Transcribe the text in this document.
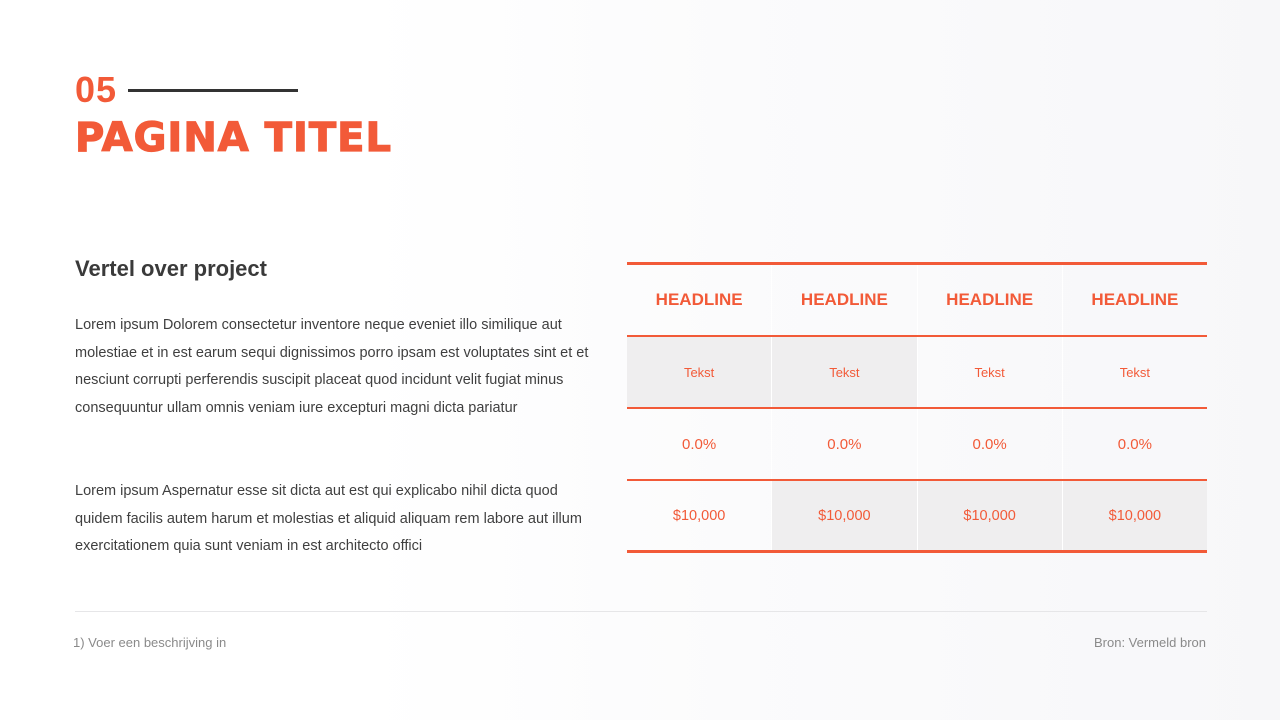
05
PAGINA TITEL
Vertel over project
Lorem ipsum Dolorem consectetur inventore neque eveniet illo similique aut molestiae et in est earum sequi dignissimos porro ipsam est voluptates sint et et nesciunt corrupti perferendis suscipit placeat quod incidunt velit fugiat minus consequuntur ullam omnis veniam iure excepturi magni dicta pariatur
Lorem ipsum Aspernatur esse sit dicta aut est qui explicabo nihil dicta quod quidem facilis autem harum et molestias et aliquid aliquam rem labore aut illum exercitationem quia sunt veniam in est architecto offici
HEADLINE	HEADLINE	HEADLINE	HEADLINE
Tekst	Tekst	Tekst	Tekst
0.0%	0.0%	0.0%	0.0%
$10,000	$10,000	$10,000	$10,000
1) Voer een beschrijving in	Bron: Vermeld bron
